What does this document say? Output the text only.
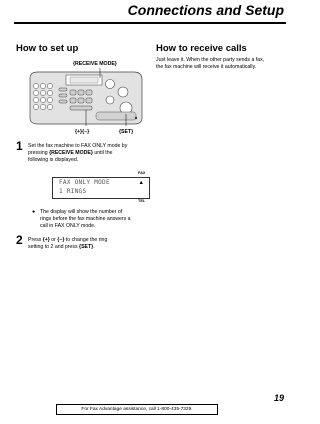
Connections and Setup
How to set up
{RECEIVE MODE}
{+}{−}	{SET}
1 Set the fax machine to FAX ONLY mode by
pressing {RECEIVE MODE} until the
following is displayed.
FAX
FAX ONLY MODE
1 RINGS
▲
TEL
● The display will show the number of
rings before the fax machine answers a
call in FAX ONLY mode.
2 Press {+} or {−} to change the ring
setting to 2 and press {SET}.
How to receive calls
Just leave it. When the other party sends a fax,
the fax machine will receive it automatically.
19
For Fax Advantage assistance, call 1-800-435-7329.
